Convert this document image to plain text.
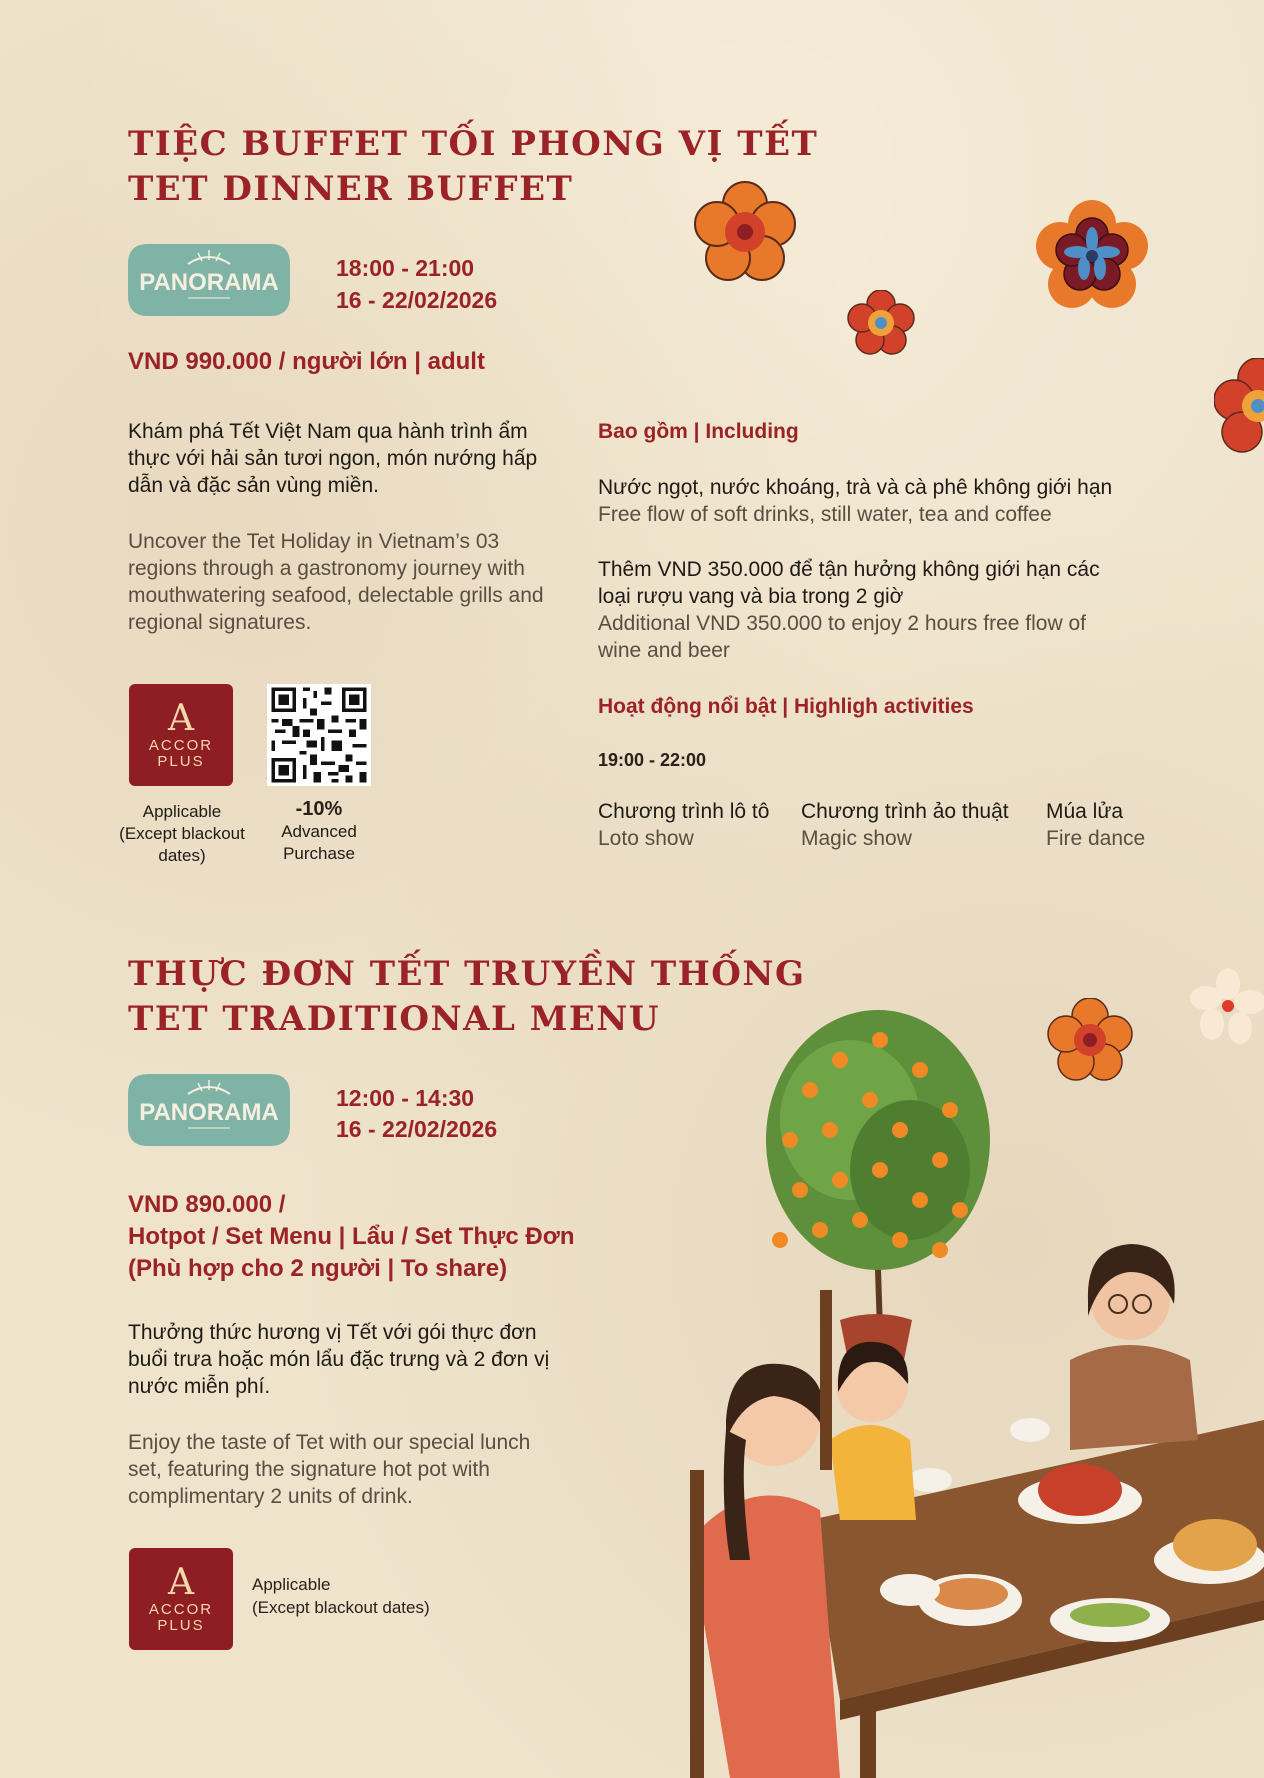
TIỆC BUFFET TỐI PHONG VỊ TẾT
TET DINNER BUFFET
PANORAMA
18:00 - 21:00
16 - 22/02/2026
VND 990.000 / người lớn | adult
Khám phá Tết Việt Nam qua hành trình ẩm thực với hải sản tươi ngon, món nướng hấp dẫn và đặc sản vùng miền.
Uncover the Tet Holiday in Vietnam’s 03 regions through a gastronomy journey with mouthwatering seafood, delectable grills and regional signatures.
A
ACCOR
PLUS
Applicable (Except blackout dates)
-10%
Advanced Purchase
Bao gồm | Including
Nước ngọt, nước khoáng, trà và cà phê không giới hạn
Free flow of soft drinks, still water, tea and coffee
Thêm VND 350.000 để tận hưởng không giới hạn các loại rượu vang và bia trong 2 giờ
Additional VND 350.000 to enjoy 2 hours free flow of wine and beer
Hoạt động nổi bật | Highligh activities
19:00 - 22:00
Chương trình lô tô
Loto show
Chương trình ảo thuật
Magic show
Múa lửa
Fire dance
THỰC ĐƠN TẾT TRUYỀN THỐNG
TET TRADITIONAL MENU
PANORAMA
12:00 - 14:30
16 - 22/02/2026
VND 890.000 /
Hotpot / Set Menu | Lẩu / Set Thực Đơn
(Phù hợp cho 2 người | To share)
Thưởng thức hương vị Tết với gói thực đơn buổi trưa hoặc món lẩu đặc trưng và 2 đơn vị nước miễn phí.
Enjoy the taste of Tet with our special lunch set, featuring the signature hot pot with complimentary 2 units of drink.
A
ACCOR
PLUS
Applicable
(Except blackout dates)
